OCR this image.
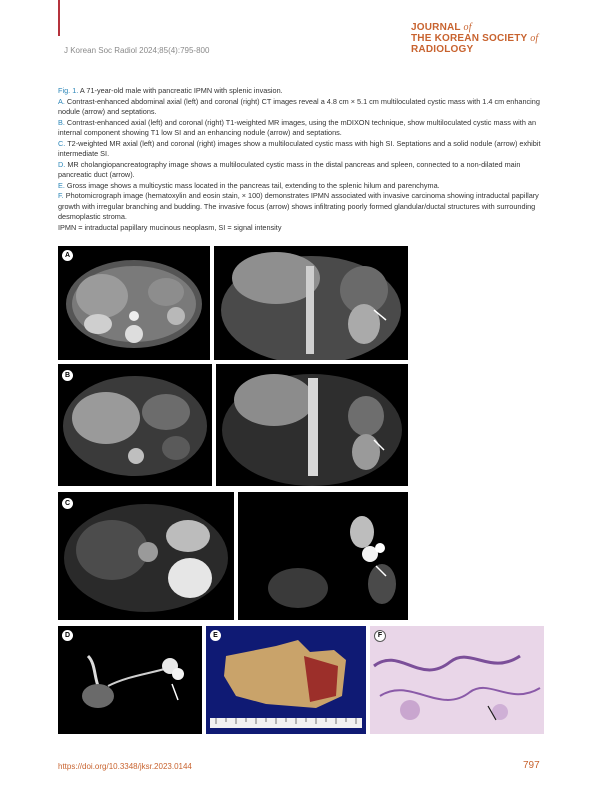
J Korean Soc Radiol 2024;85(4):795-800
JOURNAL of
THE KOREAN SOCIETY of
RADIOLOGY

Fig. 1. A 71-year-old male with pancreatic IPMN with splenic invasion.

A. Contrast-enhanced abdominal axial (left) and coronal (right) CT images reveal a 4.8 cm × 5.1 cm multiloculated cystic mass with 1.4 cm enhancing nodule (arrow) and septations.

B. Contrast-enhanced axial (left) and coronal (right) T1-weighted MR images, using the mDIXON technique, show multiloculated cystic mass with an internal component showing T1 low SI and an enhancing nodule (arrow) and septations.

C. T2-weighted MR axial (left) and coronal (right) images show a multiloculated cystic mass with high SI. Septations and a solid nodule (arrow) exhibit intermediate SI.

D. MR cholangiopancreatography image shows a multiloculated cystic mass in the distal pancreas and spleen, connected to a non-dilated main pancreatic duct (arrow).

E. Gross image shows a multicystic mass located in the pancreas tail, extending to the splenic hilum and parenchyma.

F. Photomicrograph image (hematoxylin and eosin stain, × 100) demonstrates IPMN associated with invasive carcinoma showing intraductal papillary growth with irregular branching and budding. The invasive focus (arrow) shows infiltrating poorly formed glandular/ductal structures with surrounding desmoplastic stroma.

IPMN = intraductal papillary mucinous neoplasm, SI = signal intensity

A
B
C
D	E	F
https://doi.org/10.3348/jksr.2023.0144	797
